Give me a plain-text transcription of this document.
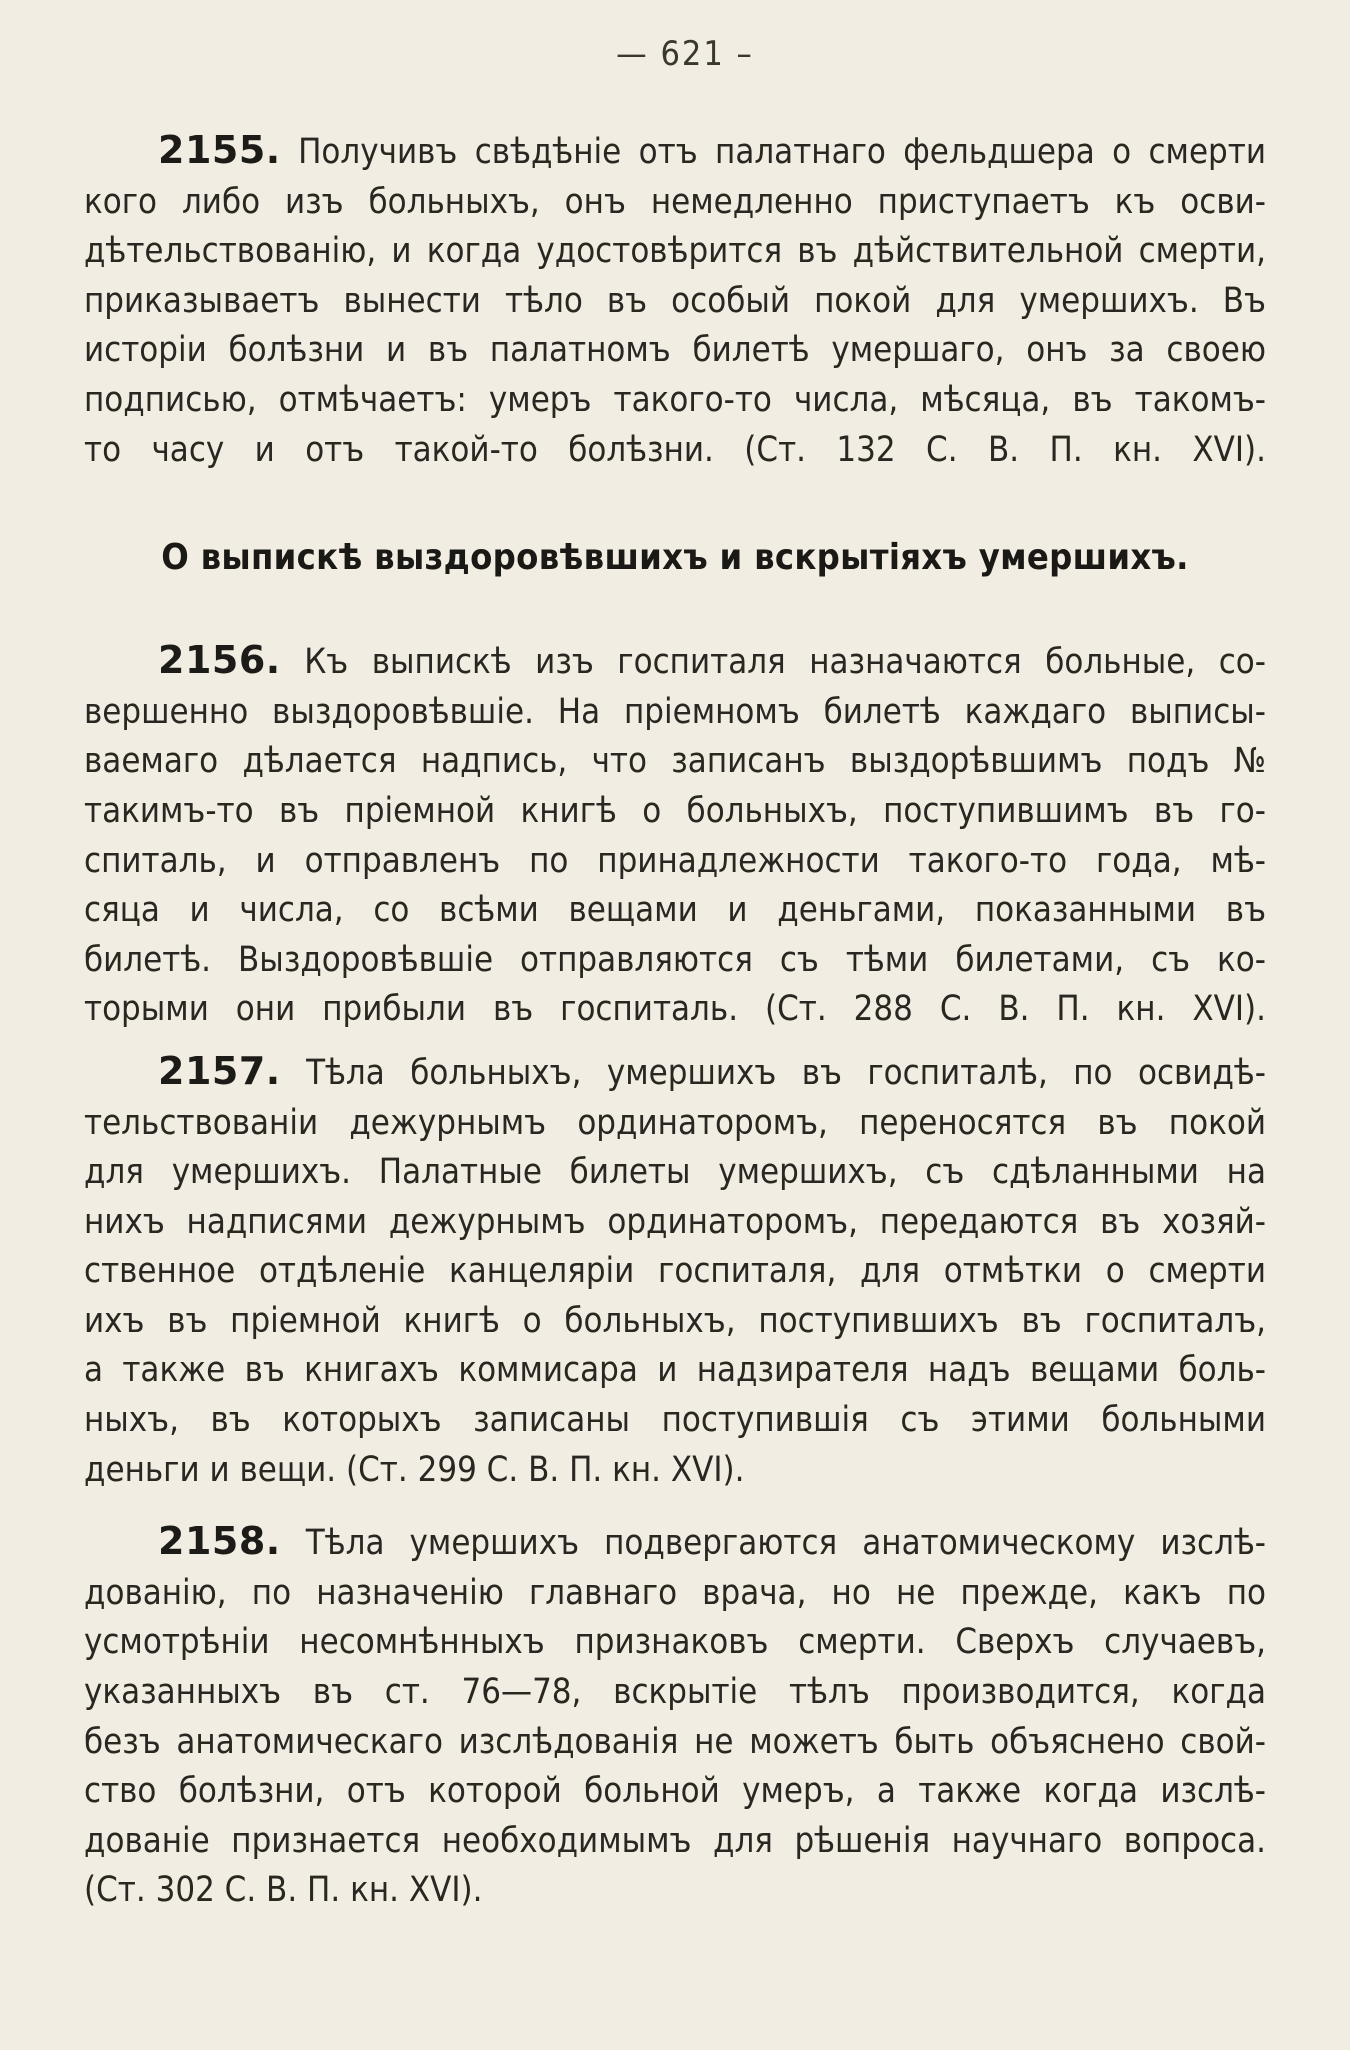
— 621 –
2155. Получивъ свѣдѣніе отъ палатнаго фельдшера о смерти
кого либо изъ больныхъ, онъ немедленно приступаетъ къ осви-
дѣтельствованію, и когда удостовѣрится въ дѣйствительной смерти,
приказываетъ вынести тѣло въ особый покой для умершихъ. Въ
исторіи болѣзни и въ палатномъ билетѣ умершаго, онъ за своею
подписью, отмѣчаетъ: умеръ такого-то числа, мѣсяца, въ такомъ-
то часу и отъ такой-то болѣзни. (Ст. 132 С. В. П. кн. XVI).
О выпискѣ выздоровѣвшихъ и вскрытіяхъ умершихъ.
2156. Къ выпискѣ изъ госпиталя назначаются больные, со-
вершенно выздоровѣвшіе. На пріемномъ билетѣ каждаго выписы-
ваемаго дѣлается надпись, что записанъ выздорѣвшимъ подъ №
такимъ-то въ пріемной книгѣ о больныхъ, поступившимъ въ го-
спиталь, и отправленъ по принадлежности такого-то года, мѣ-
сяца и числа, со всѣми вещами и деньгами, показанными въ
билетѣ. Выздоровѣвшіе отправляются съ тѣми билетами, съ ко-
торыми они прибыли въ госпиталь. (Ст. 288 С. В. П. кн. XVI).
2157. Тѣла больныхъ, умершихъ въ госпиталѣ, по освидѣ-
тельствованіи дежурнымъ ординаторомъ, переносятся въ покой
для умершихъ. Палатные билеты умершихъ, съ сдѣланными на
нихъ надписями дежурнымъ ординаторомъ, передаются въ хозяй-
ственное отдѣленіе канцеляріи госпиталя, для отмѣтки о смерти
ихъ въ пріемной книгѣ о больныхъ, поступившихъ въ госпиталъ,
а также въ книгахъ коммисара и надзирателя надъ вещами боль-
ныхъ, въ которыхъ записаны поступившія съ этими больными
деньги и вещи. (Ст. 299 С. В. П. кн. XVI).
2158. Тѣла умершихъ подвергаются анатомическому изслѣ-
дованію, по назначенію главнаго врача, но не прежде, какъ по
усмотрѣніи несомнѣнныхъ признаковъ смерти. Сверхъ случаевъ,
указанныхъ въ ст. 76—78, вскрытіе тѣлъ производится, когда
безъ анатомическаго изслѣдованія не можетъ быть объяснено свой-
ство болѣзни, отъ которой больной умеръ, а также когда изслѣ-
дованіе признается необходимымъ для рѣшенія научнаго вопроса.
(Ст. 302 С. В. П. кн. XVI).
